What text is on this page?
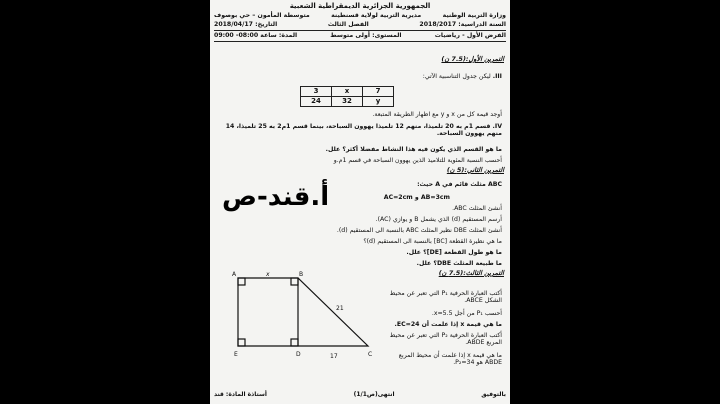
الجمهورية الجزائرية الديمقراطية الشعبية
وزارة التربية الوطنية
مديرية التربية لولاية قسنطينة
متوسطة المأمون – حي بوصوف
السنة الدراسية: 2018/2017
الفصل الثالث
التاريخ: 2018/04/17
الفرض الأول - رياضيات
المستوى: أولى متوسط
المدة: ساعة 08:00- 09:00
التمرين الأول:(7.5 ن)
III. ليكن جدول التناسبية الآتي:
3	x	7
24	32	y
أوجد قيمة كل من x و y مع اظهار الطريقة المتبعة.
IV. قسم 1م به 20 تلميذا، منهم 12 تلميذا يهوون السباحة، بينما قسم 1م2 به 25 تلميذا، 14 منهم يهوون السباحة.
ما هو القسم الذي يكون فيه هذا النشاط مفضلا أكثر؟ علل.
أحسب النسبة المئوية للتلاميذ الذين يهوون السباحة في قسم 1م.و
التمرين الثاني:(5 ن)
ABC مثلث قائم في A حيث:
AB=3cm و AC=2cm
أ.قند-ص	أنشئ المثلث ABC.
أرسم المستقيم (d) الذي يشمل B و يوازي (AC).
أنشئ المثلث DBE نظير المثلث ABC بالنسبة الى المستقيم (d).
ما هي نظيرة القطعة [BC] بالنسبة الى المستقيم (d)؟
ما هو طول القطعة [DE]؟ علل.
ما طبيعة المثلث DBE؟ علل.
التمرين الثالث:(7.5 ن)
A	B
C
D
E
x
21
17
أكتب العبارة الحرفية P₁ التي تعبر عن محيط الشكل ABCE.
أحسب P₁ من أجل x=5.5.
ما هي قيمة x إذا علمت أن EC=24.
أكتب العبارة الحرفية P₂ التي تعبر عن محيط المربع ABDE.
ما هي قيمة x إذا علمت أن محيط المربع ABDE هو P₂=34.
بالتوفيق
انتهى(ص1/1)
أستاذة المادة: قند
